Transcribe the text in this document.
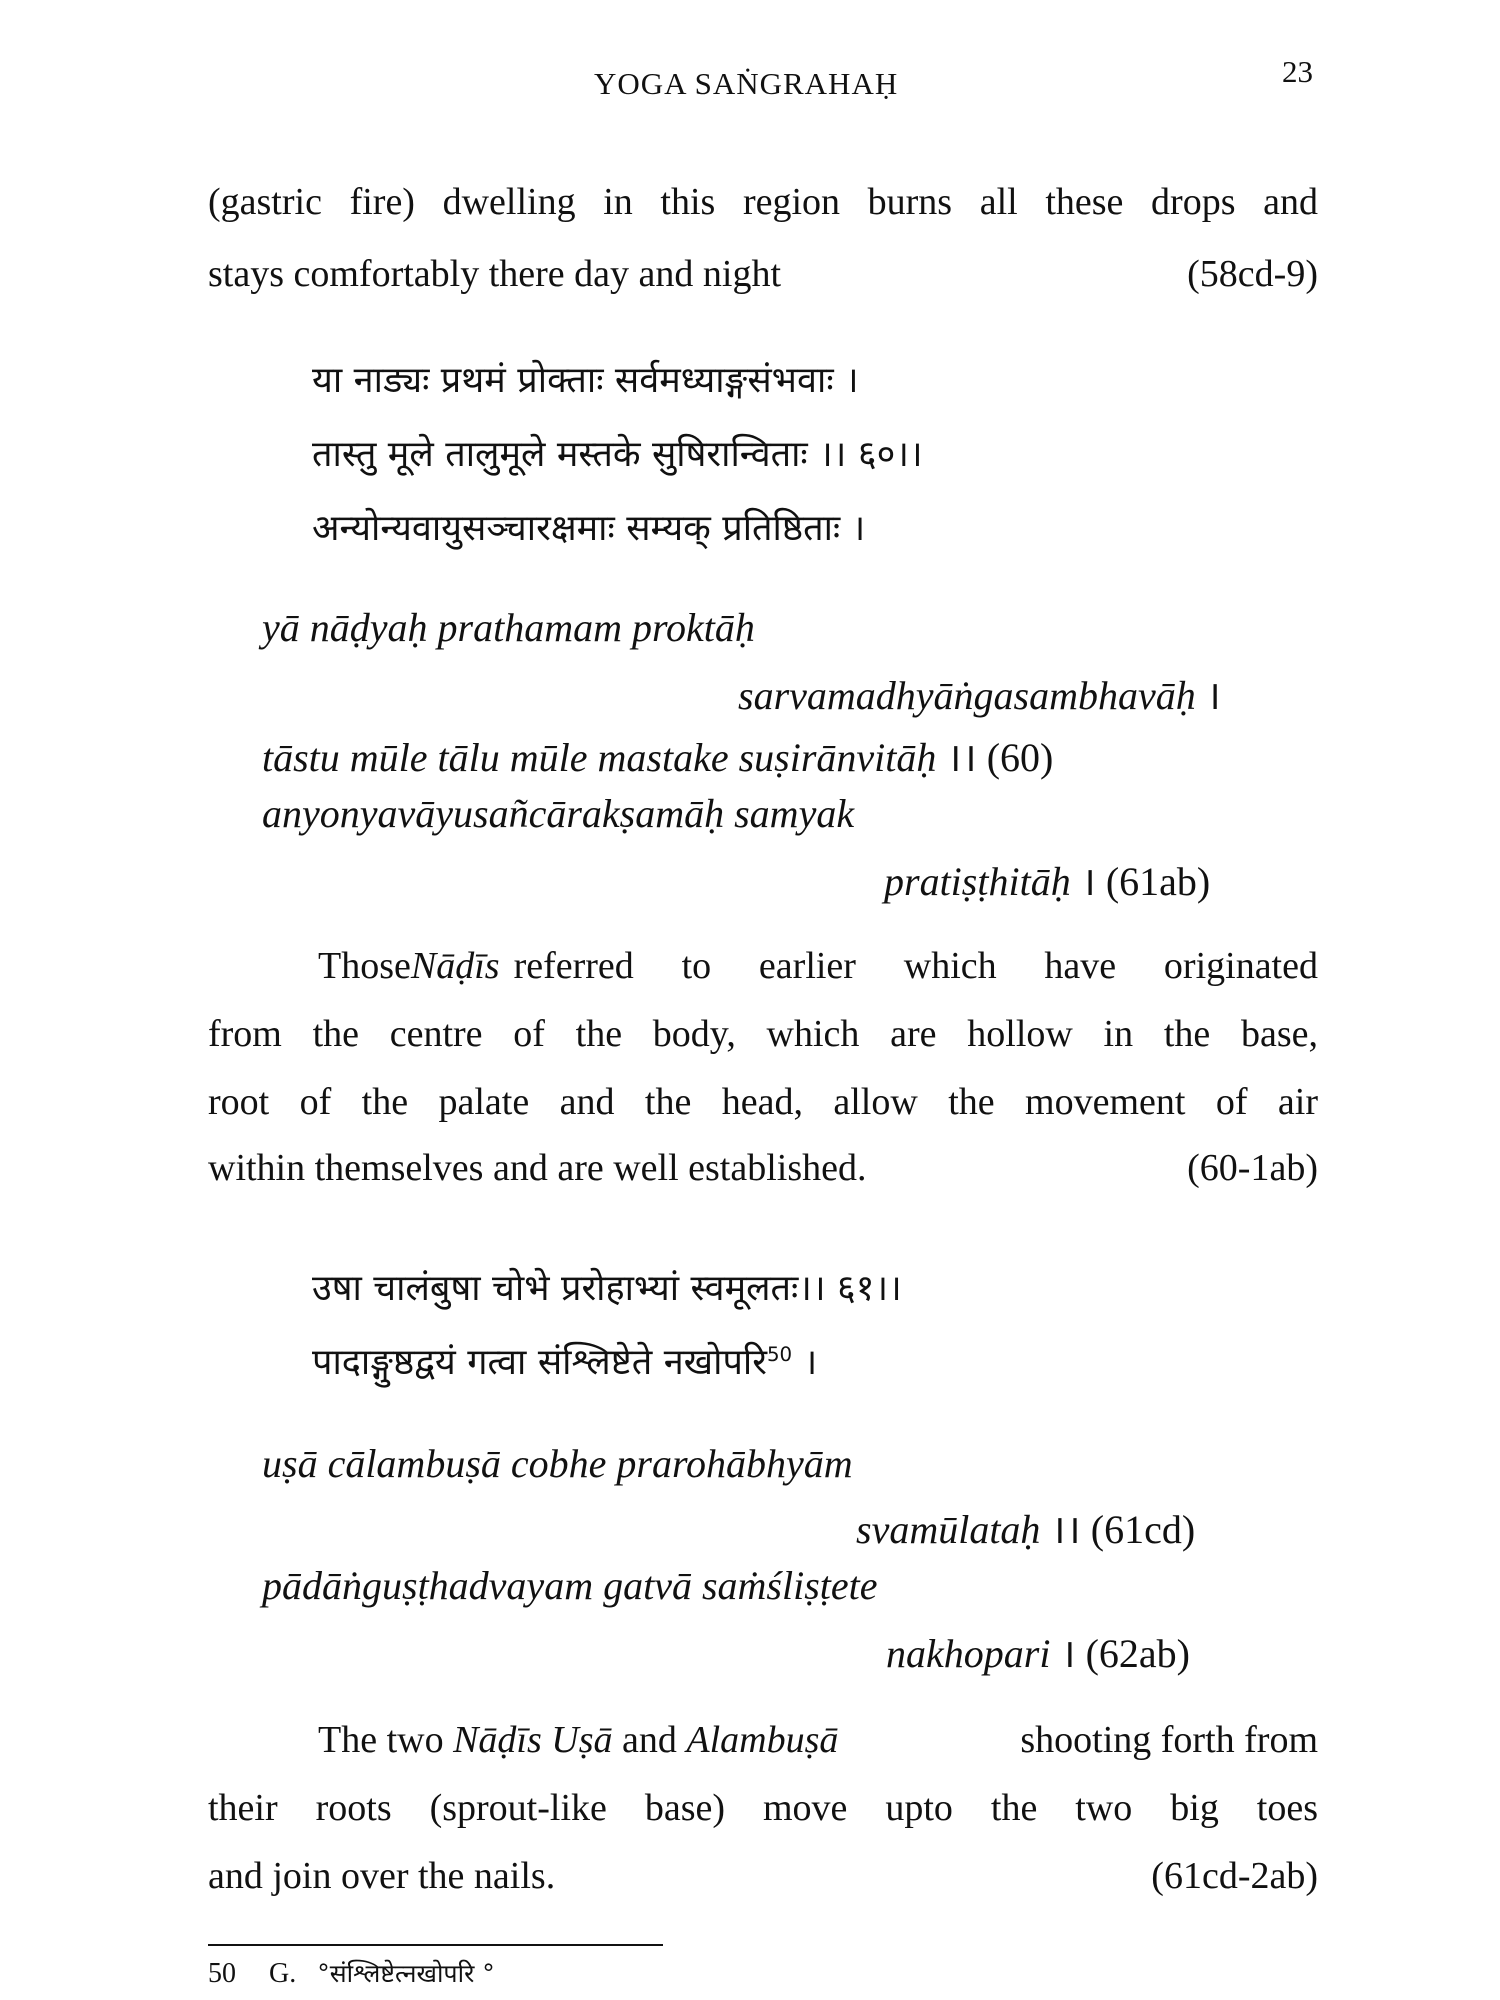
YOGA SAṄGRAHAḤ	23
(gastric fire) dwelling in this region burns all these drops and
stays comfortably there day and night	(58cd-9)
या नाड्यः प्रथमं प्रोक्ताः सर्वमध्याङ्गसंभवाः ।
तास्तु मूले तालुमूले मस्तके सुषिरान्विताः ।। ६०।।
अन्योन्यवायुसञ्चारक्षमाः सम्यक् प्रतिष्ठिताः ।
yā nāḍyaḥ prathamam proktāḥ
sarvamadhyāṅgasambhavāḥ ।
tāstu mūle tālu mūle mastake suṣirānvitāḥ ।। (60)
anyonyavāyusañcārakṣamāḥ samyak
pratiṣṭhitāḥ । (61ab)
Those Nāḍīs referred to earlier which have originated
from the centre of the body, which are hollow in the base,
root of the palate and the head, allow the movement of air
within themselves and are well established.	(60-1ab)
उषा चालंबुषा चोभे प्ररोहाभ्यां स्वमूलतः।। ६१।।
पादाङ्गुष्ठद्वयं गत्वा संश्लिष्टेते नखोपरि$^{50}$ ।
uṣā cālambuṣā cobhe prarohābhyām
svamūlataḥ ।। (61cd)
pādāṅguṣṭhadvayam gatvā saṁśliṣṭete
nakhopari । (62ab)
The two
Nāḍīs
Uṣā
and
Alambuṣā	shooting forth from
their roots (sprout-like base) move upto the two big toes
and join over the nails.	(61cd-2ab)
50 G. °संश्लिष्टेत्नखोपरि °
